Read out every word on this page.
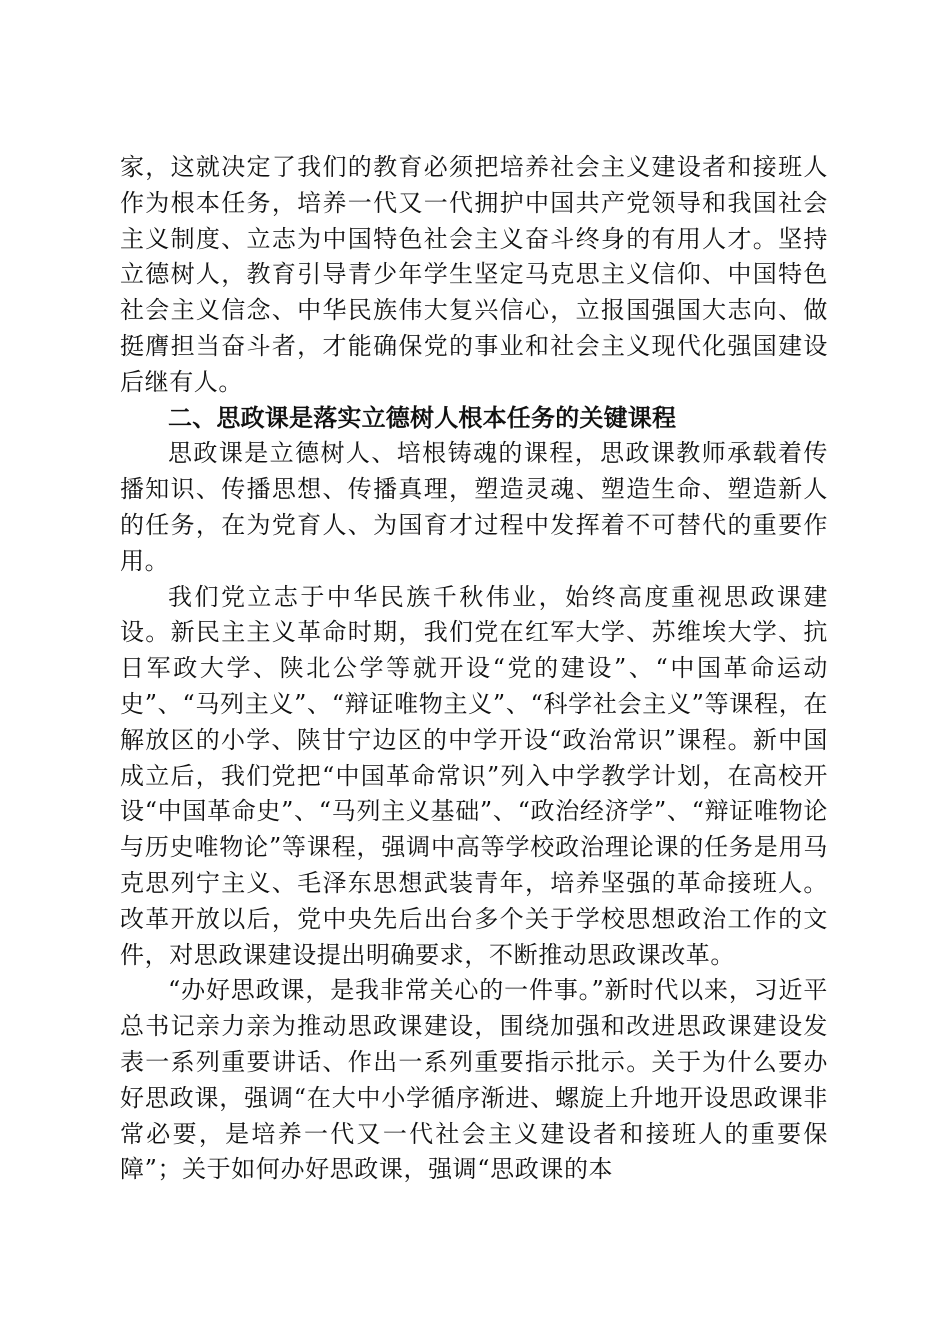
家，这就决定了我们的教育必须把培养社会主义建设者和接班人作为根本任务，培养一代又一代拥护中国共产党领导和我国社会主义制度、立志为中国特色社会主义奋斗终身的有用人才。坚持立德树人，教育引导青少年学生坚定马克思主义信仰、中国特色社会主义信念、中华民族伟大复兴信心，立报国强国大志向、做挺膺担当奋斗者，才能确保党的事业和社会主义现代化强国建设后继有人。

二、思政课是落实立德树人根本任务的关键课程

思政课是立德树人、培根铸魂的课程，思政课教师承载着传播知识、传播思想、传播真理，塑造灵魂、塑造生命、塑造新人的任务，在为党育人、为国育才过程中发挥着不可替代的重要作用。

我们党立志于中华民族千秋伟业，始终高度重视思政课建设。新民主主义革命时期，我们党在红军大学、苏维埃大学、抗日军政大学、陕北公学等就开设“党的建设”、“中国革命运动史”、“马列主义”、“辩证唯物主义”、“科学社会主义”等课程，在解放区的小学、陕甘宁边区的中学开设“政治常识”课程。新中国成立后，我们党把“中国革命常识”列入中学教学计划，在高校开设“中国革命史”、“马列主义基础”、“政治经济学”、“辩证唯物论与历史唯物论”等课程，强调中高等学校政治理论课的任务是用马克思列宁主义、毛泽东思想武装青年，培养坚强的革命接班人。改革开放以后，党中央先后出台多个关于学校思想政治工作的文件，对思政课建设提出明确要求，不断推动思政课改革。

“办好思政课，是我非常关心的一件事。”新时代以来，习近平总书记亲力亲为推动思政课建设，围绕加强和改进思政课建设发表一系列重要讲话、作出一系列重要指示批示。关于为什么要办好思政课，强调“在大中小学循序渐进、螺旋上升地开设思政课非常必要，是培养一代又一代社会主义建设者和接班人的重要保障”；关于如何办好思政课，强调“思政课的本
